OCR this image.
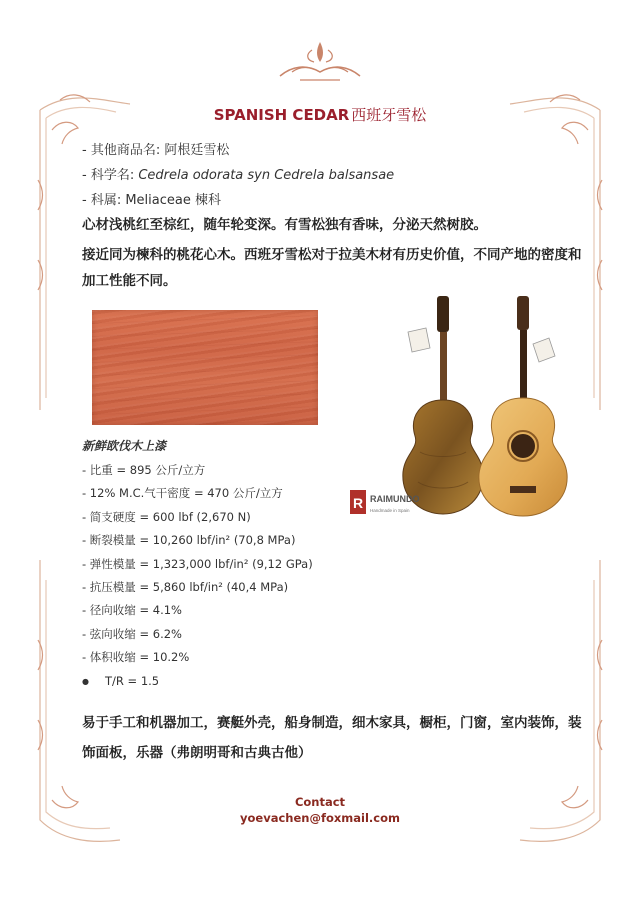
SPANISH CEDAR 西班牙雪松
- 其他商品名: 阿根廷雪松
- 科学名: Cedrela odorata syn Cedrela balsansae
- 科属: Meliaceae 楝科
心材浅桃红至棕红，随年轮变深。有雪松独有香味，分泌天然树胶。
接近同为楝科的桃花心木。西班牙雪松对于拉美木材有历史价值，不同产地的密度和加工性能不同。
R RAIMUNDO
Handmade in Spain
新鲜欧伐木上漆
- 比重 = 895 公斤/立方
- 12% M.C.气干密度 = 470 公斤/立方
- 简支硬度 = 600 lbf (2,670 N)
- 断裂模量 = 10,260 lbf/in² (70,8 MPa)
- 弹性模量 = 1,323,000 lbf/in² (9,12 GPa)
- 抗压模量 = 5,860 lbf/in² (40,4 MPa)
- 径向收缩 = 4.1%
- 弦向收缩 = 6.2%
- 体积收缩 = 10.2%
● T/R = 1.5
易于手工和机器加工，赛艇外壳，船身制造，细木家具，橱柜，门窗，室内装饰，装饰面板，乐器（弗朗明哥和古典古他）
Contact
yoevachen@foxmail.com
